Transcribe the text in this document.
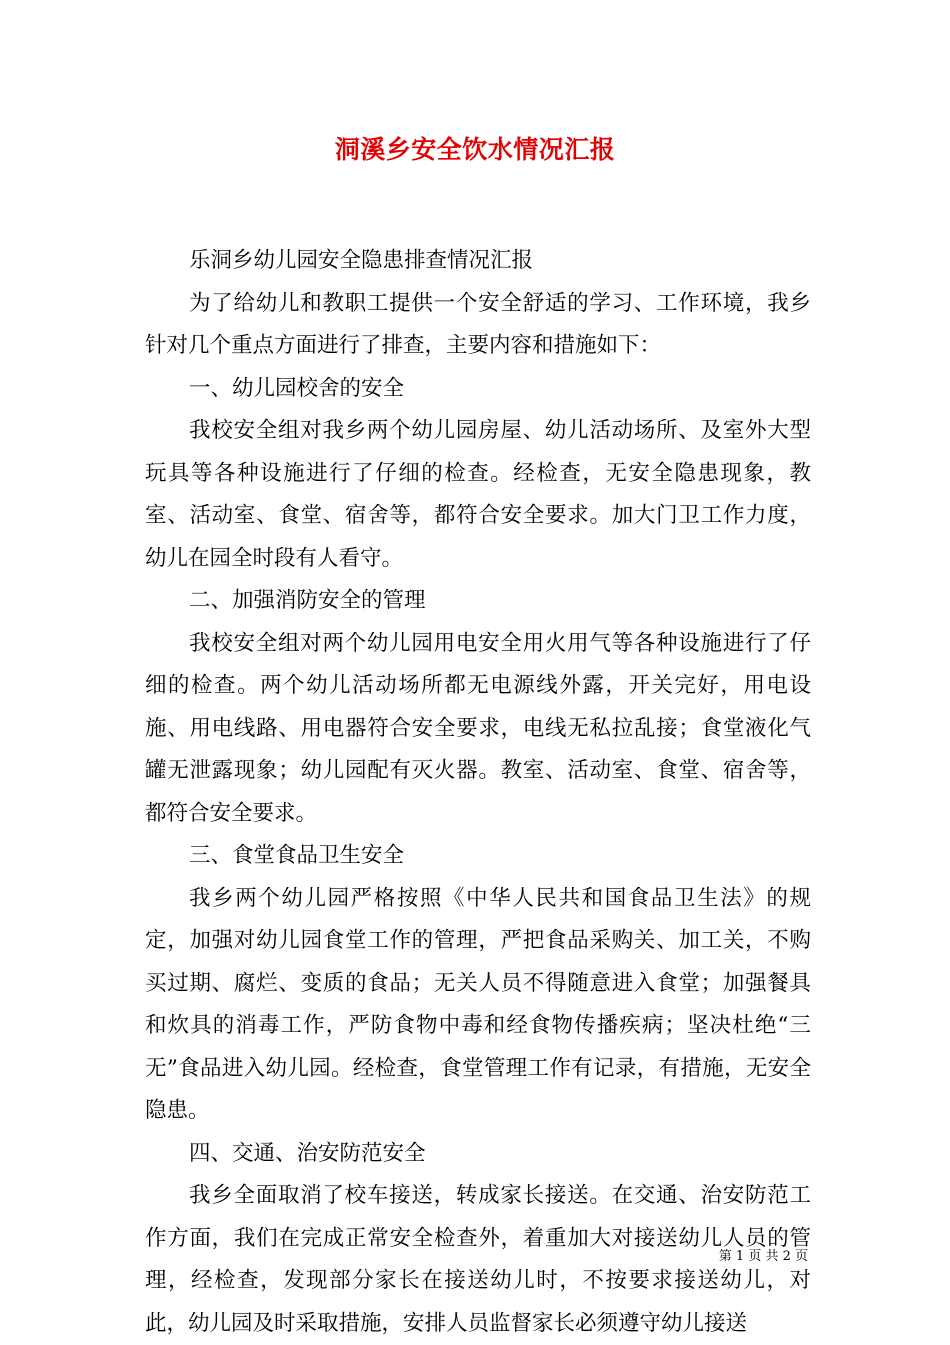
洞溪乡安全饮水情况汇报

乐洞乡幼儿园安全隐患排查情况汇报

为了给幼儿和教职工提供一个安全舒适的学习、工作环境，我乡针对几个重点方面进行了排查，主要内容和措施如下：

一、幼儿园校舍的安全

我校安全组对我乡两个幼儿园房屋、幼儿活动场所、及室外大型玩具等各种设施进行了仔细的检查。经检查，无安全隐患现象，教室、活动室、食堂、宿舍等，都符合安全要求。加大门卫工作力度，幼儿在园全时段有人看守。

二、加强消防安全的管理

我校安全组对两个幼儿园用电安全用火用气等各种设施进行了仔细的检查。两个幼儿活动场所都无电源线外露，开关完好，用电设施、用电线路、用电器符合安全要求，电线无私拉乱接；食堂液化气罐无泄露现象；幼儿园配有灭火器。教室、活动室、食堂、宿舍等，都符合安全要求。

三、食堂食品卫生安全

我乡两个幼儿园严格按照《中华人民共和国食品卫生法》的规定，加强对幼儿园食堂工作的管理，严把食品采购关、加工关，不购买过期、腐烂、变质的食品；无关人员不得随意进入食堂；加强餐具和炊具的消毒工作，严防食物中毒和经食物传播疾病；坚决杜绝“三无”食品进入幼儿园。经检查，食堂管理工作有记录，有措施，无安全隐患。

四、交通、治安防范安全

我乡全面取消了校车接送，转成家长接送。在交通、治安防范工作方面，我们在完成正常安全检查外，着重加大对接送幼儿人员的管理，经检查，发现部分家长在接送幼儿时，不按要求接送幼儿，对此，幼儿园及时采取措施，安排人员监督家长必须遵守幼儿接送

第 1 页 共 2 页
